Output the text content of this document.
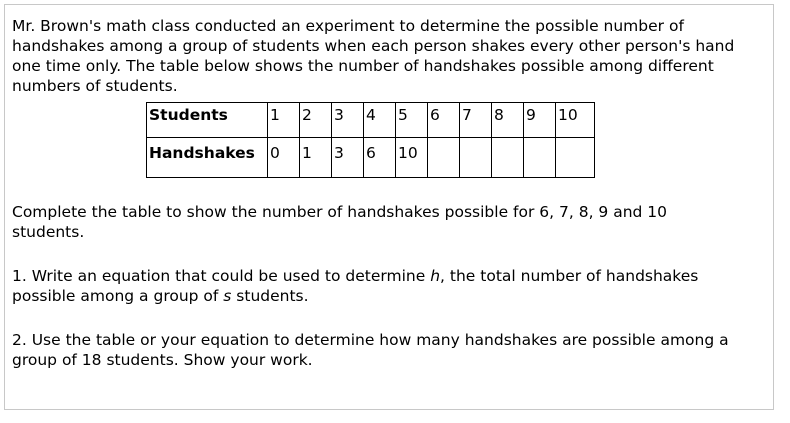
Mr. Brown's math class conducted an experiment to determine the possible number of handshakes among a group of students when each person shakes every other person's hand one time only. The table below shows the number of handshakes possible among different numbers of students.

Students	1	2	3	4	5	6	7	8	9	10
Handshakes	0	1	3	6	10					

Complete the table to show the number of handshakes possible for 6, 7, 8, 9 and 10 students.

1. Write an equation that could be used to determine h, the total number of handshakes possible among a group of s students.

2. Use the table or your equation to determine how many handshakes are possible among a group of 18 students. Show your work.
